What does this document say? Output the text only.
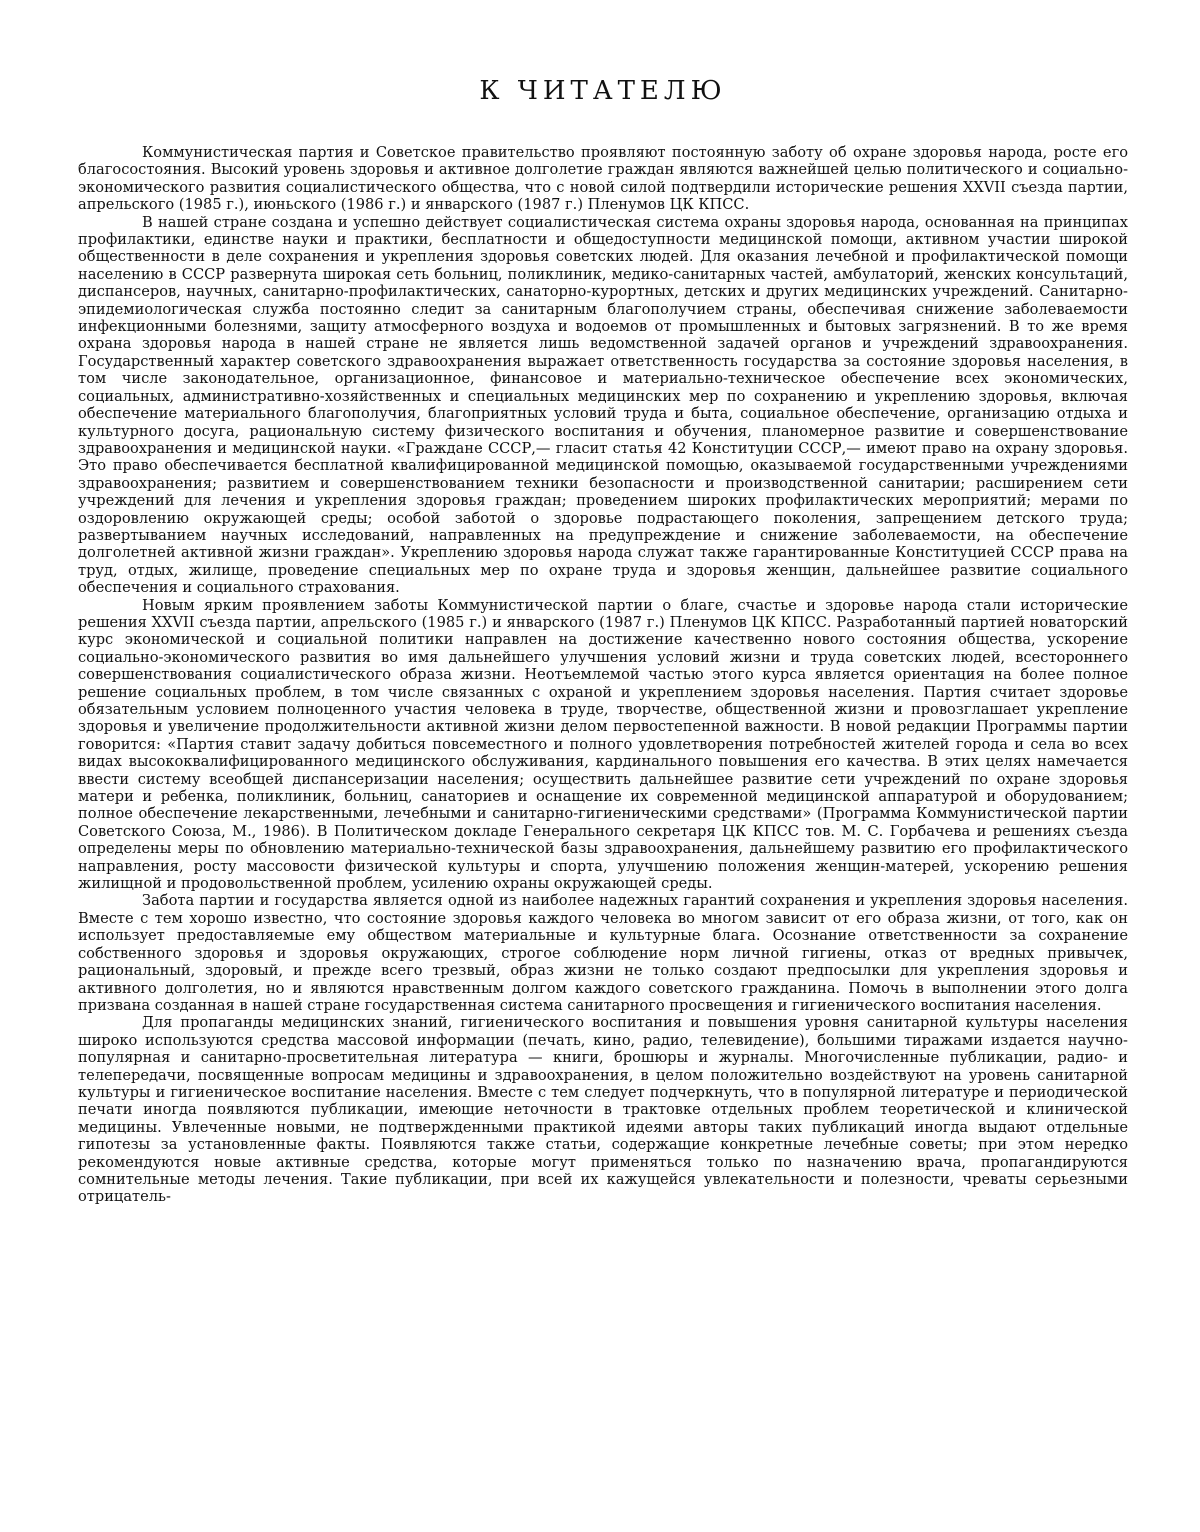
К ЧИТАТЕЛЮ

Коммунистическая партия и Советское правительство проявляют постоянную заботу об охране здоровья народа, росте его благосостояния. Высокий уровень здоровья и активное долголетие граждан являются важнейшей целью политического и социально-экономического развития социалистического общества, что с новой силой подтвердили исторические решения XXVII съезда партии, апрельского (1985 г.), июньского (1986 г.) и январского (1987 г.) Пленумов ЦК КПСС.

В нашей стране создана и успешно действует социалистическая система охраны здоровья народа, основанная на принципах профилактики, единстве науки и практики, бесплатности и общедоступности медицинской помощи, активном участии широкой общественности в деле сохранения и укрепления здоровья советских людей. Для оказания лечебной и профилактической помощи населению в СССР развернута широкая сеть больниц, поликлиник, медико-санитарных частей, амбулаторий, женских консультаций, диспансеров, научных, санитарно-профилактических, санаторно-курортных, детских и других медицинских учреждений. Санитарно-эпидемиологическая служба постоянно следит за санитарным благополучием страны, обеспечивая снижение заболеваемости инфекционными болезнями, защиту атмосферного воздуха и водоемов от промышленных и бытовых загрязнений. В то же время охрана здоровья народа в нашей стране не является лишь ведомственной задачей органов и учреждений здравоохранения. Государственный характер советского здравоохранения выражает ответственность государства за состояние здоровья населения, в том числе законодательное, организационное, финансовое и материально-техническое обеспечение всех экономических, социальных, административно-хозяйственных и специальных медицинских мер по сохранению и укреплению здоровья, включая обеспечение материального благополучия, благоприятных условий труда и быта, социальное обеспечение, организацию отдыха и культурного досуга, рациональную систему физического воспитания и обучения, планомерное развитие и совершенствование здравоохранения и медицинской науки. «Граждане СССР,— гласит статья 42 Конституции СССР,— имеют право на охрану здоровья. Это право обеспечивается бесплатной квалифицированной медицинской помощью, оказываемой государственными учреждениями здравоохранения; развитием и совершенствованием техники безопасности и производственной санитарии; расширением сети учреждений для лечения и укрепления здоровья граждан; проведением широких профилактических мероприятий; мерами по оздоровлению окружающей среды; особой заботой о здоровье подрастающего поколения, запрещением детского труда; развертыванием научных исследований, направленных на предупреждение и снижение заболеваемости, на обеспечение долголетней активной жизни граждан». Укреплению здоровья народа служат также гарантированные Конституцией СССР права на труд, отдых, жилище, проведение специальных мер по охране труда и здоровья женщин, дальнейшее развитие социального обеспечения и социального страхования.

Новым ярким проявлением заботы Коммунистической партии о благе, счастье и здоровье народа стали исторические решения XXVII съезда партии, апрельского (1985 г.) и январского (1987 г.) Пленумов ЦК КПСС. Разработанный партией новаторский курс экономической и социальной политики направлен на достижение качественно нового состояния общества, ускорение социально-экономического развития во имя дальнейшего улучшения условий жизни и труда советских людей, всестороннего совершенствования социалистического образа жизни. Неотъемлемой частью этого курса является ориентация на более полное решение социальных проблем, в том числе связанных с охраной и укреплением здоровья населения. Партия считает здоровье обязательным условием полноценного участия человека в труде, творчестве, общественной жизни и провозглашает укрепление здоровья и увеличение продолжительности активной жизни делом первостепенной важности. В новой редакции Программы партии говорится: «Партия ставит задачу добиться повсеместного и полного удовлетворения потребностей жителей города и села во всех видах высококвалифицированного медицинского обслуживания, кардинального повышения его качества. В этих целях намечается ввести систему всеобщей диспансеризации населения; осуществить дальнейшее развитие сети учреждений по охране здоровья матери и ребенка, поликлиник, больниц, санаториев и оснащение их современной медицинской аппаратурой и оборудованием; полное обеспечение лекарственными, лечебными и санитарно-гигиеническими средствами» (Программа Коммунистической партии Советского Союза, М., 1986). В Политическом докладе Генерального секретаря ЦК КПСС тов. М. С. Горбачева и решениях съезда определены меры по обновлению материально-технической базы здравоохранения, дальнейшему развитию его профилактического направления, росту массовости физической культуры и спорта, улучшению положения женщин-матерей, ускорению решения жилищной и продовольственной проблем, усилению охраны окружающей среды.

Забота партии и государства является одной из наиболее надежных гарантий сохранения и укрепления здоровья населения. Вместе с тем хорошо известно, что состояние здоровья каждого человека во многом зависит от его образа жизни, от того, как он использует предоставляемые ему обществом материальные и культурные блага. Осознание ответственности за сохранение собственного здоровья и здоровья окружающих, строгое соблюдение норм личной гигиены, отказ от вредных привычек, рациональный, здоровый, и прежде всего трезвый, образ жизни не только создают предпосылки для укрепления здоровья и активного долголетия, но и являются нравственным долгом каждого советского гражданина. Помочь в выполнении этого долга призвана созданная в нашей стране государственная система санитарного просвещения и гигиенического воспитания населения.

Для пропаганды медицинских знаний, гигиенического воспитания и повышения уровня санитарной культуры населения широко используются средства массовой информации (печать, кино, радио, телевидение), большими тиражами издается научно-популярная и санитарно-просветительная литература — книги, брошюры и журналы. Многочисленные публикации, радио- и телепередачи, посвященные вопросам медицины и здравоохранения, в целом положительно воздействуют на уровень санитарной культуры и гигиеническое воспитание населения. Вместе с тем следует подчеркнуть, что в популярной литературе и периодической печати иногда появляются публикации, имеющие неточности в трактовке отдельных проблем теоретической и клинической медицины. Увлеченные новыми, не подтвержденными практикой идеями авторы таких публикаций иногда выдают отдельные гипотезы за установленные факты. Появляются также статьи, содержащие конкретные лечебные советы; при этом нередко рекомендуются новые активные средства, которые могут применяться только по назначению врача, пропагандируются сомнительные методы лечения. Такие публикации, при всей их кажущейся увлекательности и полезности, чреваты серьезными отрицатель-
